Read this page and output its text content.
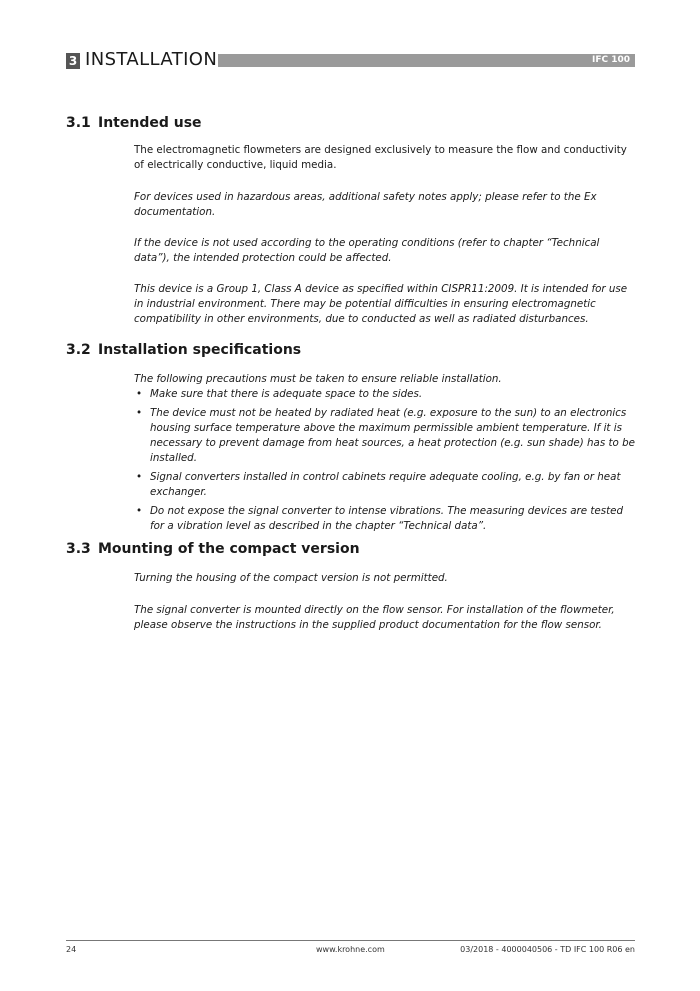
3 INSTALLATION	IFC 100
3.1 Intended use

The electromagnetic flowmeters are designed exclusively to measure the flow and conductivity of electrically conductive, liquid media.

For devices used in hazardous areas, additional safety notes apply; please refer to the Ex documentation.

If the device is not used according to the operating conditions (refer to chapter “Technical data”), the intended protection could be affected.

This device is a Group 1, Class A device as specified within CISPR11:2009. It is intended for use in industrial environment. There may be potential difficulties in ensuring electromagnetic compatibility in other environments, due to conducted as well as radiated disturbances.

3.2 Installation specifications

The following precautions must be taken to ensure reliable installation.

• Make sure that there is adequate space to the sides.
• The device must not be heated by radiated heat (e.g. exposure to the sun) to an electronics housing surface temperature above the maximum permissible ambient temperature. If it is necessary to prevent damage from heat sources, a heat protection (e.g. sun shade) has to be installed.
• Signal converters installed in control cabinets require adequate cooling, e.g. by fan or heat exchanger.
• Do not expose the signal converter to intense vibrations. The measuring devices are tested for a vibration level as described in the chapter “Technical data”.
3.3 Mounting of the compact version

Turning the housing of the compact version is not permitted.

The signal converter is mounted directly on the flow sensor. For installation of the flowmeter, please observe the instructions in the supplied product documentation for the flow sensor.

24	www.krohne.com	03/2018 - 4000040506 - TD IFC 100 R06 en
